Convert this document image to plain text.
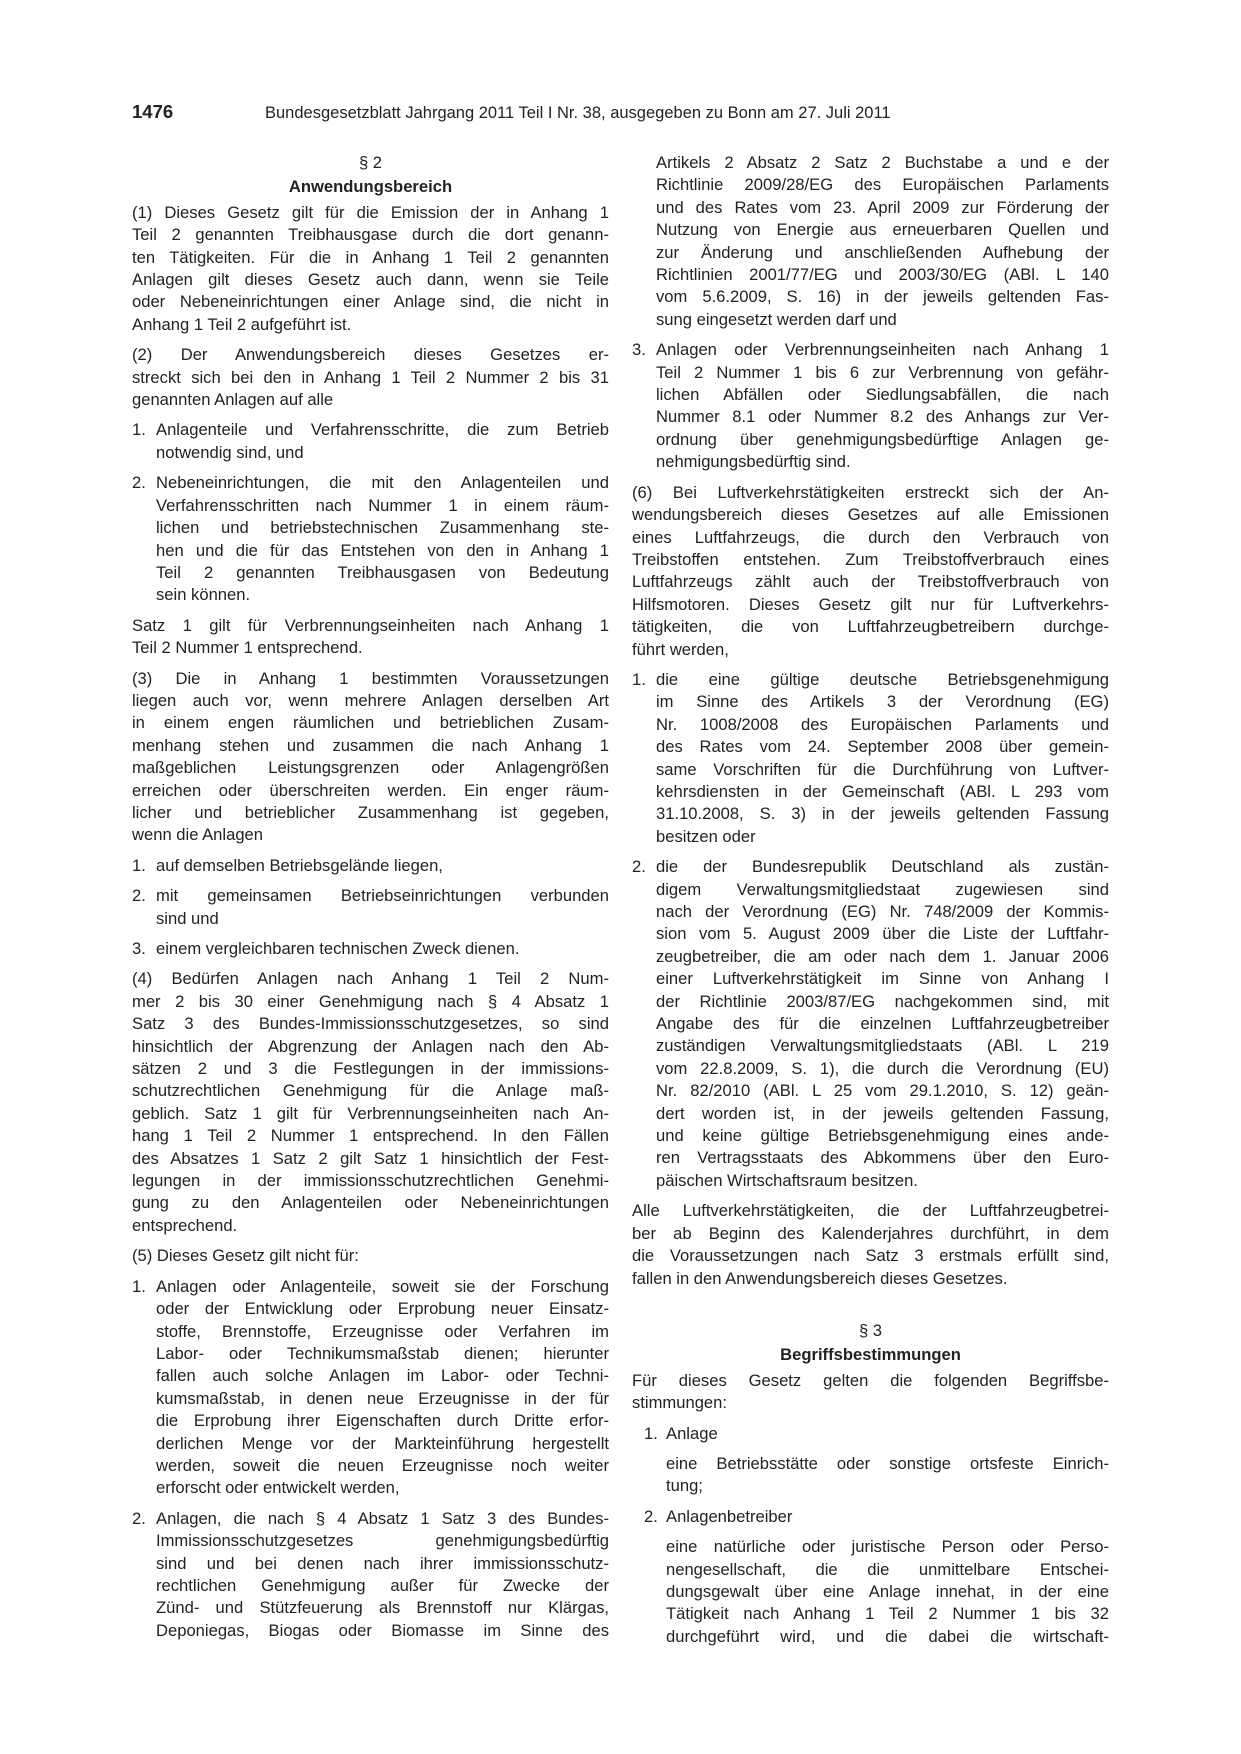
1476	Bundesgesetzblatt Jahrgang 2011 Teil I Nr. 38, ausgegeben zu Bonn am 27. Juli 2011
§ 2
Anwendungsbereich
(1) Dieses Gesetz gilt für die Emission der in Anhang 1
Teil 2 genannten Treibhausgase durch die dort genann-
ten Tätigkeiten. Für die in Anhang 1 Teil 2 genannten
Anlagen gilt dieses Gesetz auch dann, wenn sie Teile
oder Nebeneinrichtungen einer Anlage sind, die nicht in
Anhang 1 Teil 2 aufgeführt ist.
(2) Der Anwendungsbereich dieses Gesetzes er-
streckt sich bei den in Anhang 1 Teil 2 Nummer 2 bis 31
genannten Anlagen auf alle
1. Anlagenteile und Verfahrensschritte, die zum Betrieb
notwendig sind, und
2. Nebeneinrichtungen, die mit den Anlagenteilen und
Verfahrensschritten nach Nummer 1 in einem räum-
lichen und betriebstechnischen Zusammenhang ste-
hen und die für das Entstehen von den in Anhang 1
Teil 2 genannten Treibhausgasen von Bedeutung
sein können.
Satz 1 gilt für Verbrennungseinheiten nach Anhang 1
Teil 2 Nummer 1 entsprechend.
(3) Die in Anhang 1 bestimmten Voraussetzungen
liegen auch vor, wenn mehrere Anlagen derselben Art
in einem engen räumlichen und betrieblichen Zusam-
menhang stehen und zusammen die nach Anhang 1
maßgeblichen Leistungsgrenzen oder Anlagengrößen
erreichen oder überschreiten werden. Ein enger räum-
licher und betrieblicher Zusammenhang ist gegeben,
wenn die Anlagen
1. auf demselben Betriebsgelände liegen,
2. mit gemeinsamen Betriebseinrichtungen verbunden
sind und
3. einem vergleichbaren technischen Zweck dienen.
(4) Bedürfen Anlagen nach Anhang 1 Teil 2 Num-
mer 2 bis 30 einer Genehmigung nach § 4 Absatz 1
Satz 3 des Bundes-Immissionsschutzgesetzes, so sind
hinsichtlich der Abgrenzung der Anlagen nach den Ab-
sätzen 2 und 3 die Festlegungen in der immissions-
schutzrechtlichen Genehmigung für die Anlage maß-
geblich. Satz 1 gilt für Verbrennungseinheiten nach An-
hang 1 Teil 2 Nummer 1 entsprechend. In den Fällen
des Absatzes 1 Satz 2 gilt Satz 1 hinsichtlich der Fest-
legungen in der immissionsschutzrechtlichen Genehmi-
gung zu den Anlagenteilen oder Nebeneinrichtungen
entsprechend.
(5) Dieses Gesetz gilt nicht für:
1. Anlagen oder Anlagenteile, soweit sie der Forschung
oder der Entwicklung oder Erprobung neuer Einsatz-
stoffe, Brennstoffe, Erzeugnisse oder Verfahren im
Labor- oder Technikumsmaßstab dienen; hierunter
fallen auch solche Anlagen im Labor- oder Techni-
kumsmaßstab, in denen neue Erzeugnisse in der für
die Erprobung ihrer Eigenschaften durch Dritte erfor-
derlichen Menge vor der Markteinführung hergestellt
werden, soweit die neuen Erzeugnisse noch weiter
erforscht oder entwickelt werden,
2. Anlagen, die nach § 4 Absatz 1 Satz 3 des Bundes-
Immissionsschutzgesetzes genehmigungsbedürftig
sind und bei denen nach ihrer immissionsschutz-
rechtlichen Genehmigung außer für Zwecke der
Zünd- und Stützfeuerung als Brennstoff nur Klärgas,
Deponiegas, Biogas oder Biomasse im Sinne des
Artikels 2 Absatz 2 Satz 2 Buchstabe a und e der
Richtlinie 2009/28/EG des Europäischen Parlaments
und des Rates vom 23. April 2009 zur Förderung der
Nutzung von Energie aus erneuerbaren Quellen und
zur Änderung und anschließenden Aufhebung der
Richtlinien 2001/77/EG und 2003/30/EG (ABl. L 140
vom 5.6.2009, S. 16) in der jeweils geltenden Fas-
sung eingesetzt werden darf und
3. Anlagen oder Verbrennungseinheiten nach Anhang 1
Teil 2 Nummer 1 bis 6 zur Verbrennung von gefähr-
lichen Abfällen oder Siedlungsabfällen, die nach
Nummer 8.1 oder Nummer 8.2 des Anhangs zur Ver-
ordnung über genehmigungsbedürftige Anlagen ge-
nehmigungsbedürftig sind.
(6) Bei Luftverkehrstätigkeiten erstreckt sich der An-
wendungsbereich dieses Gesetzes auf alle Emissionen
eines Luftfahrzeugs, die durch den Verbrauch von
Treibstoffen entstehen. Zum Treibstoffverbrauch eines
Luftfahrzeugs zählt auch der Treibstoffverbrauch von
Hilfsmotoren. Dieses Gesetz gilt nur für Luftverkehrs-
tätigkeiten, die von Luftfahrzeugbetreibern durchge-
führt werden,
1. die eine gültige deutsche Betriebsgenehmigung
im Sinne des Artikels 3 der Verordnung (EG)
Nr. 1008/2008 des Europäischen Parlaments und
des Rates vom 24. September 2008 über gemein-
same Vorschriften für die Durchführung von Luftver-
kehrsdiensten in der Gemeinschaft (ABl. L 293 vom
31.10.2008, S. 3) in der jeweils geltenden Fassung
besitzen oder
2. die der Bundesrepublik Deutschland als zustän-
digem Verwaltungsmitgliedstaat zugewiesen sind
nach der Verordnung (EG) Nr. 748/2009 der Kommis-
sion vom 5. August 2009 über die Liste der Luftfahr-
zeugbetreiber, die am oder nach dem 1. Januar 2006
einer Luftverkehrstätigkeit im Sinne von Anhang I
der Richtlinie 2003/87/EG nachgekommen sind, mit
Angabe des für die einzelnen Luftfahrzeugbetreiber
zuständigen Verwaltungsmitgliedstaats (ABl. L 219
vom 22.8.2009, S. 1), die durch die Verordnung (EU)
Nr. 82/2010 (ABl. L 25 vom 29.1.2010, S. 12) geän-
dert worden ist, in der jeweils geltenden Fassung,
und keine gültige Betriebsgenehmigung eines ande-
ren Vertragsstaats des Abkommens über den Euro-
päischen Wirtschaftsraum besitzen.
Alle Luftverkehrstätigkeiten, die der Luftfahrzeugbetrei-
ber ab Beginn des Kalenderjahres durchführt, in dem
die Voraussetzungen nach Satz 3 erstmals erfüllt sind,
fallen in den Anwendungsbereich dieses Gesetzes.
§ 3
Begriffsbestimmungen
Für dieses Gesetz gelten die folgenden Begriffsbe-
stimmungen:
1. Anlage
eine Betriebsstätte oder sonstige ortsfeste Einrich-
tung;
2. Anlagenbetreiber
eine natürliche oder juristische Person oder Perso-
nengesellschaft, die die unmittelbare Entschei-
dungsgewalt über eine Anlage innehat, in der eine
Tätigkeit nach Anhang 1 Teil 2 Nummer 1 bis 32
durchgeführt wird, und die dabei die wirtschaft-
